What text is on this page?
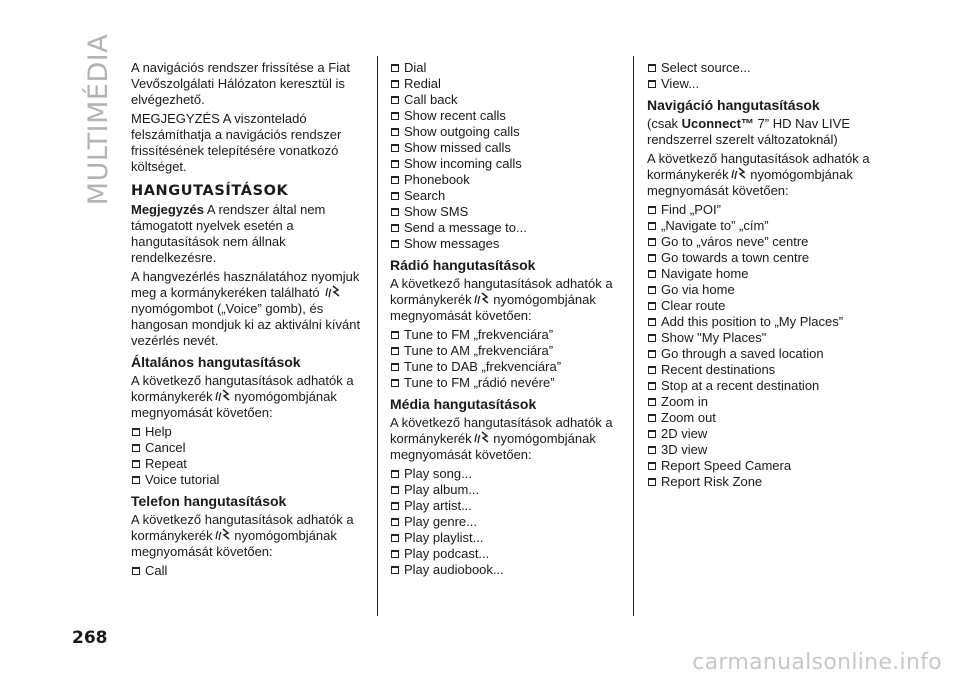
MULTIMÉDIA A navigációs rendszer frissítése a Fiat Vevőszolgálati Hálózaton keresztül is elvégezhető.

MEGJEGYZÉS A viszonteladó felszámíthatja a navigációs rendszer frissítésének telepítésére vonatkozó költséget.

HANGUTASÍTÁSOK

Megjegyzés A rendszer által nem támogatott nyelvek esetén a hangutasítások nem állnak rendelkezésre.

A hangvezérlés használatához nyomjuk meg a kormánykeréken található  nyomógombot („Voice” gomb), és hangosan mondjuk ki az aktiválni kívánt vezérlés nevét.

Általános hangutasítások

A következő hangutasítások adhatók a kormánykerék nyomógombjának megnyomását követően:

Help
Cancel
Repeat
Voice tutorial
Telefon hangutasítások

A következő hangutasítások adhatók a kormánykerék nyomógombjának megnyomását követően:

Call
Dial
Redial
Call back
Show recent calls
Show outgoing calls
Show missed calls
Show incoming calls
Phonebook
Search
Show SMS
Send a message to...
Show messages
Rádió hangutasítások

A következő hangutasítások adhatók a kormánykerék nyomógombjának megnyomását követően:

Tune to FM „frekvenciára”
Tune to AM „frekvenciára”
Tune to DAB „frekvenciára”
Tune to FM „rádió nevére”
Média hangutasítások

A következő hangutasítások adhatók a kormánykerék nyomógombjának megnyomását követően:

Play song...
Play album...
Play artist...
Play genre...
Play playlist...
Play podcast...
Play audiobook...
Select source...
View...
Navigáció hangutasítások

(csak Uconnect™ 7” HD Nav LIVE rendszerrel szerelt változatoknál)

A következő hangutasítások adhatók a kormánykerék nyomógombjának megnyomását követően:

Find „POI”
„Navigate to” „cím”
Go to „város neve” centre
Go towards a town centre
Navigate home
Go via home
Clear route
Add this position to „My Places”
Show "My Places"
Go through a saved location
Recent destinations
Stop at a recent destination
Zoom in
Zoom out
2D view
3D view
Report Speed Camera
Report Risk Zone
268
carmanualsonline.info
